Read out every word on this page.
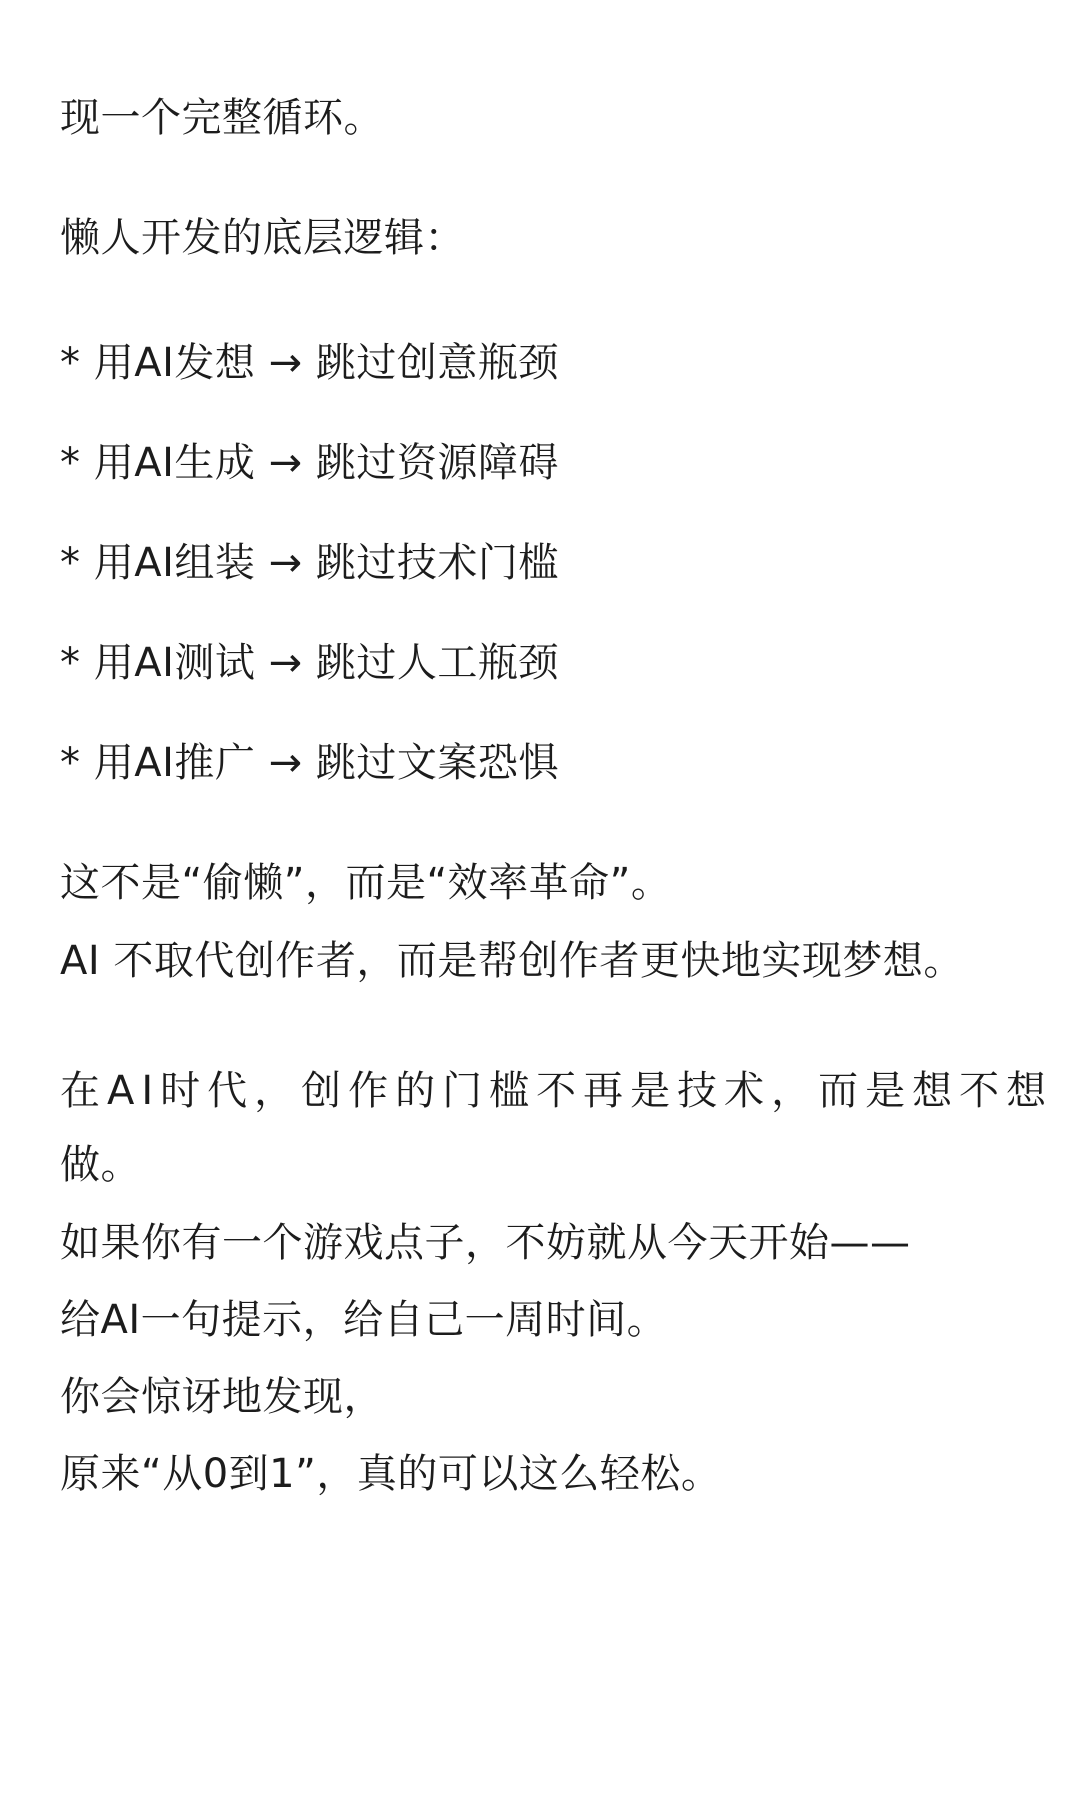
现一个完整循环。
懒人开发的底层逻辑：
* 用AI发想 → 跳过创意瓶颈
* 用AI生成 → 跳过资源障碍
* 用AI组装 → 跳过技术门槛
* 用AI测试 → 跳过人工瓶颈
* 用AI推广 → 跳过文案恐惧
这不是“偷懒”，而是“效率革命”。
AI 不取代创作者，而是帮创作者更快地实现梦想。
在AI时代，创作的门槛不再是技术，而是想不想
做。
如果你有一个游戏点子，不妨就从今天开始——
给AI一句提示，给自己一周时间。
你会惊讶地发现，
原来“从0到1”，真的可以这么轻松。
